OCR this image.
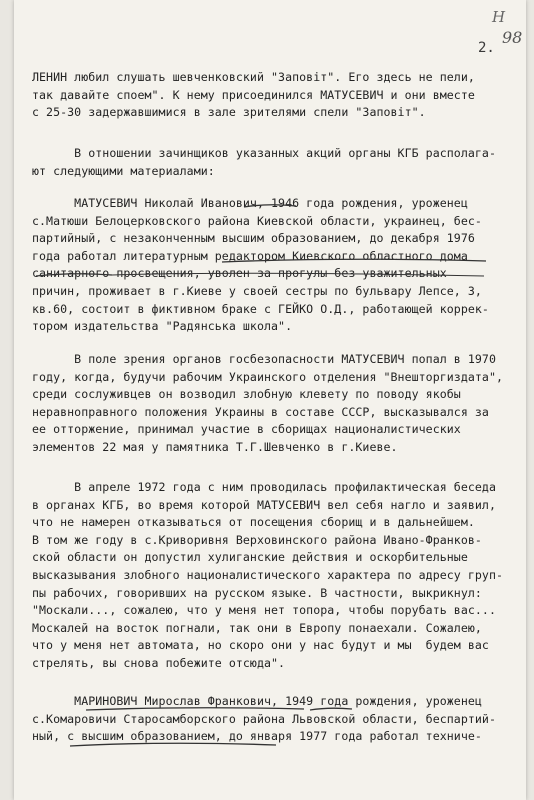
Н
2.
98
ЛЕНИН любил слушать шевченковский "Заповiт". Его здесь не пели,
так давайте споем". К нему присоединился МАТУСЕВИЧ и они вместе
с 25-30 задержавшимися в зале зрителями спели "Заповiт".
В отношении зачинщиков указанных акций органы КГБ располага-
ют следующими материалами:
МАТУСЕВИЧ Николай Иванович, 1946 года рождения, уроженец
с.Матюши Белоцерковского района Киевской области, украинец, бес-
партийный, с незаконченным высшим образованием, до декабря 1976
года работал литературным редактором Киевского областного дома
санитарного просвещения, уволен за прогулы без уважительных
причин, проживает в г.Киеве у своей сестры по бульвару Лепсе, 3,
кв.60, состоит в фиктивном браке с ГЕЙКО О.Д., работающей коррек-
тором издательства "Радянська школа".
В поле зрения органов госбезопасности МАТУСЕВИЧ попал в 1970
году, когда, будучи рабочим Украинского отделения "Внешторгиздата",
среди сослуживцев он возводил злобную клевету по поводу якобы
неравноправного положения Украины в составе СССР, высказывался за
ее отторжение, принимал участие в сборищах националистических
элементов 22 мая у памятника Т.Г.Шевченко в г.Киеве.
В апреле 1972 года с ним проводилась профилактическая беседа
в органах КГБ, во время которой МАТУСЕВИЧ вел себя нагло и заявил,
что не намерен отказываться от посещения сборищ и в дальнейшем.
В том же году в с.Криворивня Верховинского района Ивано-Франков-
ской области он допустил хулиганские действия и оскорбительные
высказывания злобного националистического характера по адресу груп-
пы рабочих, говоривших на русском языке. В частности, выкрикнул:
"Москали..., сожалею, что у меня нет топора, чтобы порубать вас...
Москалей на восток погнали, так они в Европу понаехали. Сожалею,
что у меня нет автомата, но скоро они у нас будут и мы  будем вас
стрелять, вы снова побежите отсюда".
МАРИНОВИЧ Мирослав Франкович, 1949 года рождения, уроженец
с.Комаровичи Старосамборского района Львовской области, беспартий-
ный, с высшим образованием, до января 1977 года работал техниче-
